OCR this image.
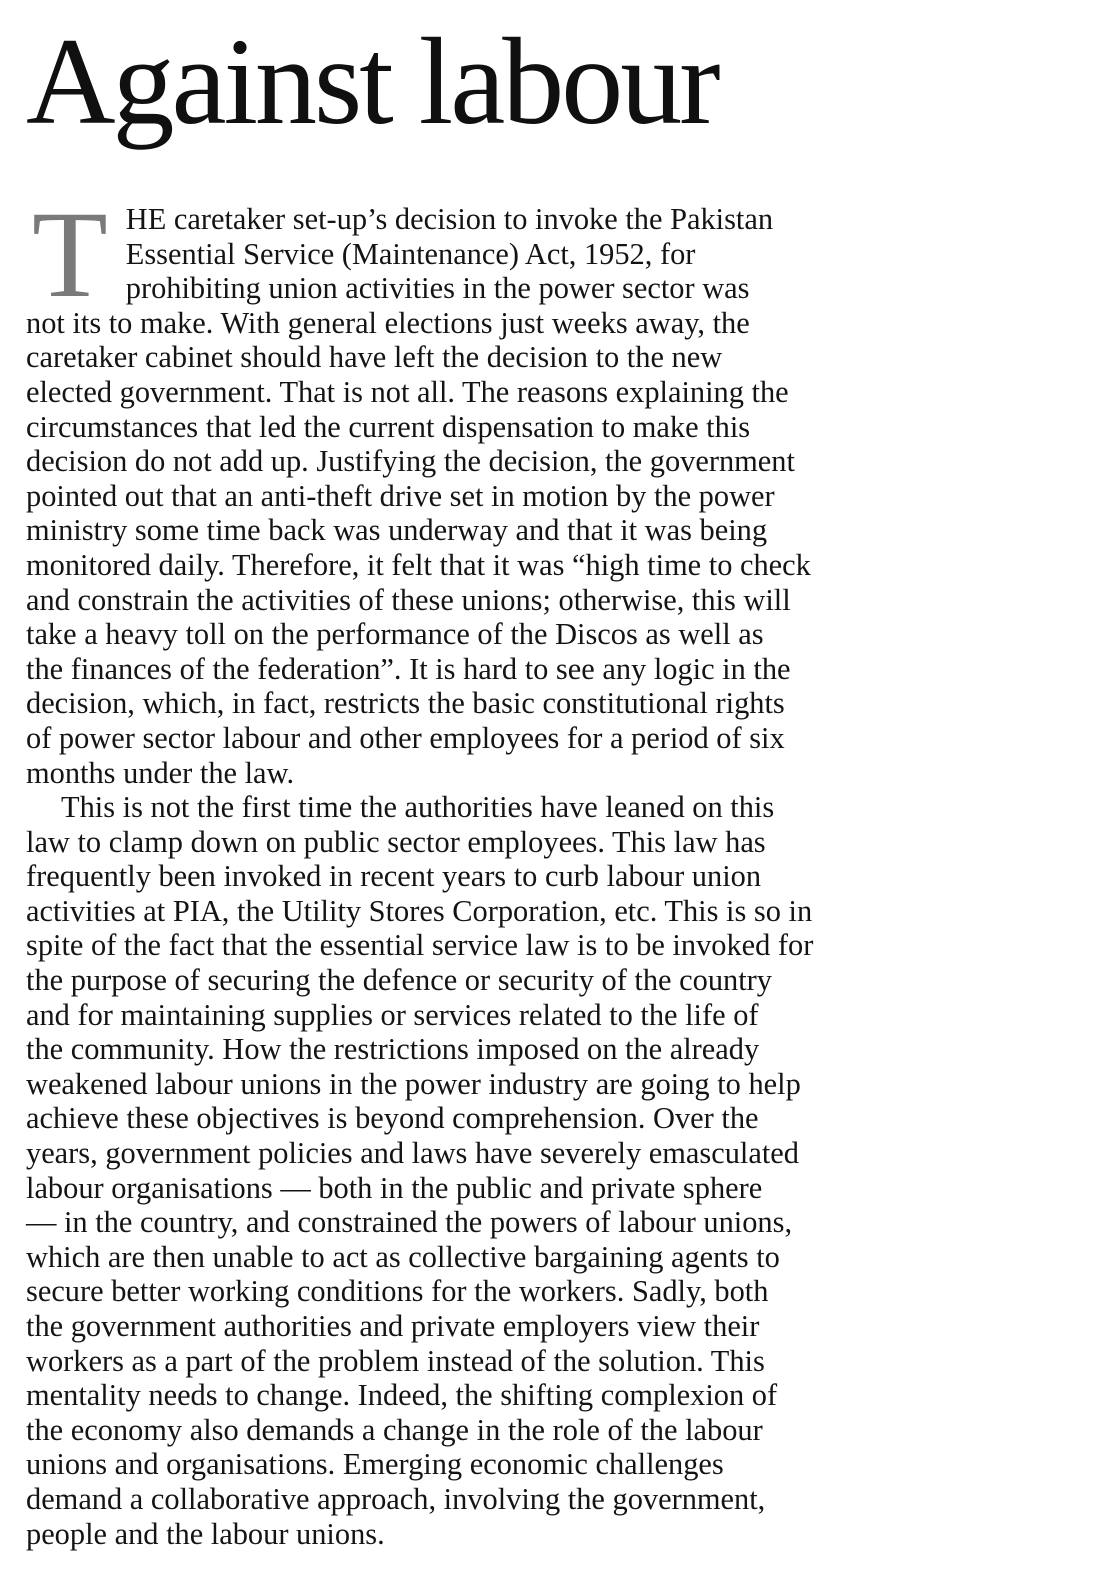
Against labour

T HE caretaker set-up’s decision to invoke the Pakistan
Essential Service (Maintenance) Act, 1952, for
prohibiting union activities in the power sector was
not its to make. With general elections just weeks away, the
caretaker cabinet should have left the decision to the new
elected government. That is not all. The reasons explaining the
circumstances that led the current dispensation to make this
decision do not add up. Justifying the decision, the government
pointed out that an anti-theft drive set in motion by the power
ministry some time back was underway and that it was being
monitored daily. Therefore, it felt that it was “high time to check
and constrain the activities of these unions; otherwise, this will
take a heavy toll on the performance of the Discos as well as
the finances of the federation”. It is hard to see any logic in the
decision, which, in fact, restricts the basic constitutional rights
of power sector labour and other employees for a period of six
months under the law.

This is not the first time the authorities have leaned on this
law to clamp down on public sector employees. This law has
frequently been invoked in recent years to curb labour union
activities at PIA, the Utility Stores Corporation, etc. This is so in
spite of the fact that the essential service law is to be invoked for
the purpose of securing the defence or security of the country
and for maintaining supplies or services related to the life of
the community. How the restrictions imposed on the already
weakened labour unions in the power industry are going to help
achieve these objectives is beyond comprehension. Over the
years, government policies and laws have severely emasculated
labour organisations — both in the public and private sphere
— in the country, and constrained the powers of labour unions,
which are then unable to act as collective bargaining agents to
secure better working conditions for the workers. Sadly, both
the government authorities and private employers view their
workers as a part of the problem instead of the solution. This
mentality needs to change. Indeed, the shifting complexion of
the economy also demands a change in the role of the labour
unions and organisations. Emerging economic challenges
demand a collaborative approach, involving the government,
people and the labour unions.
